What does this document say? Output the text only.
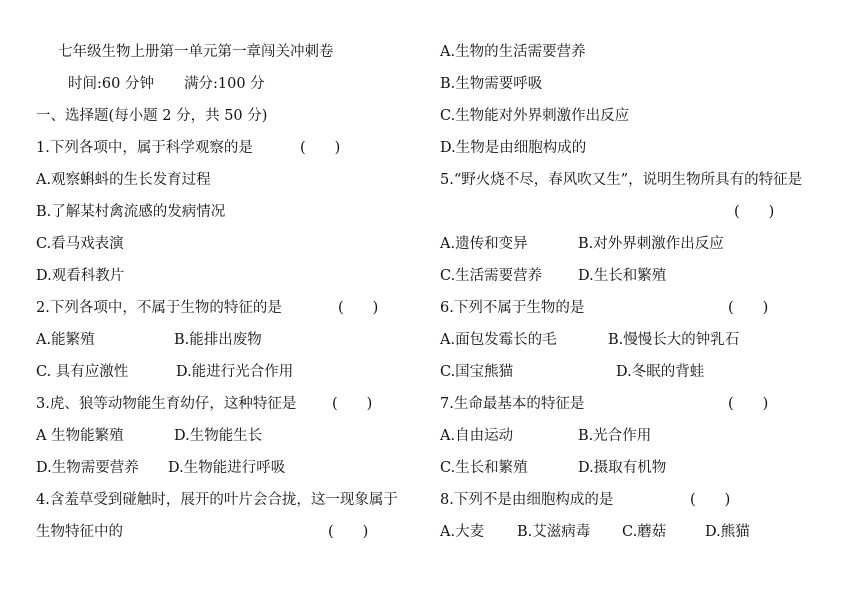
七年级生物上册第一单元第一章闯关冲刺卷
时间:60 分钟 满分:100 分
一、选择题(每小题 2 分，共 50 分)
1.下列各项中，属于科学观察的是	(　　)
A.观察蝌蚪的生长发育过程
B.了解某村禽流感的发病情况
C.看马戏表演
D.观看科教片
2.下列各项中，不属于生物的特征的是	(　　)
A.能繁殖	B.能排出废物
C. 具有应激性	D.能进行光合作用
3.虎、狼等动物能生育幼仔，这种特征是 (　　)
A 生物能繁殖	D.生物能生长
D.生物需要营养 D.生物能进行呼吸
4.含羞草受到碰触时，展开的叶片会合拢，这一现象属于
生物特征中的	(　　)
A.生物的生活需要营养
B.生物需要呼吸
C.生物能对外界刺激作出反应
D.生物是由细胞构成的
5.“野火烧不尽，春风吹又生”，说明生物所具有的特征是
(　　)
A.遗传和变异	B.对外界刺激作出反应
C.生活需要营养 D.生长和繁殖
6.下列不属于生物的是	(　　)
A.面包发霉长的毛	B.慢慢长大的钟乳石
C.国宝熊猫	D.冬眠的背蛙
7.生命最基本的特征是	(　　)
A.自由运动	B.光合作用
C.生长和繁殖	D.摄取有机物
8.下列不是由细胞构成的是	(　　)
A.大麦 B.艾滋病毒 C.蘑菇	D.熊猫
